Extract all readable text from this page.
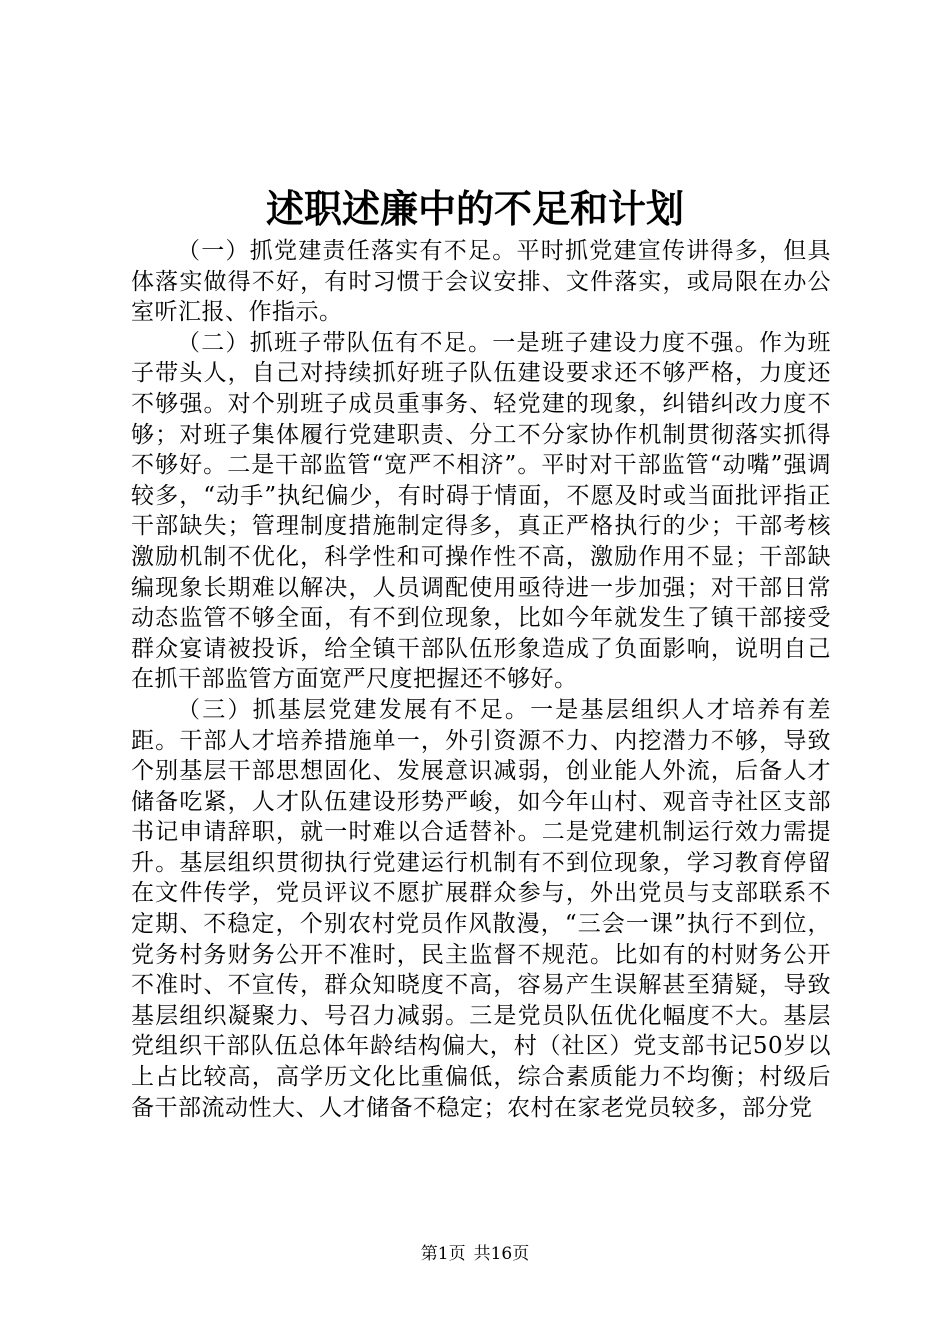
述职述廉中的不足和计划

（一）抓党建责任落实有不足。平时抓党建宣传讲得多，但具体落实做得不好，有时习惯于会议安排、文件落实，或局限在办公室听汇报、作指示。

（二）抓班子带队伍有不足。一是班子建设力度不强。作为班子带头人，自己对持续抓好班子队伍建设要求还不够严格，力度还不够强。对个别班子成员重事务、轻党建的现象，纠错纠改力度不够；对班子集体履行党建职责、分工不分家协作机制贯彻落实抓得不够好。二是干部监管“宽严不相济”。平时对干部监管“动嘴”强调较多，“动手”执纪偏少，有时碍于情面，不愿及时或当面批评指正干部缺失；管理制度措施制定得多，真正严格执行的少；干部考核激励机制不优化，科学性和可操作性不高，激励作用不显；干部缺编现象长期难以解决，人员调配使用亟待进一步加强；对干部日常动态监管不够全面，有不到位现象，比如今年就发生了镇干部接受群众宴请被投诉，给全镇干部队伍形象造成了负面影响，说明自己在抓干部监管方面宽严尺度把握还不够好。

（三）抓基层党建发展有不足。一是基层组织人才培养有差距。干部人才培养措施单一，外引资源不力、内挖潜力不够，导致个别基层干部思想固化、发展意识减弱，创业能人外流，后备人才储备吃紧，人才队伍建设形势严峻，如今年山村、观音寺社区支部书记申请辞职，就一时难以合适替补。二是党建机制运行效力需提升。基层组织贯彻执行党建运行机制有不到位现象，学习教育停留在文件传学，党员评议不愿扩展群众参与，外出党员与支部联系不定期、不稳定，个别农村党员作风散漫，“三会一课”执行不到位，党务村务财务公开不准时，民主监督不规范。比如有的村财务公开不准时、不宣传，群众知晓度不高，容易产生误解甚至猜疑，导致基层组织凝聚力、号召力减弱。三是党员队伍优化幅度不大。基层党组织干部队伍总体年龄结构偏大，村（社区）党支部书记50岁以上占比较高，高学历文化比重偏低，综合素质能力不均衡；村级后备干部流动性大、人才储备不稳定；农村在家老党员较多，部分党

第1页 共16页
